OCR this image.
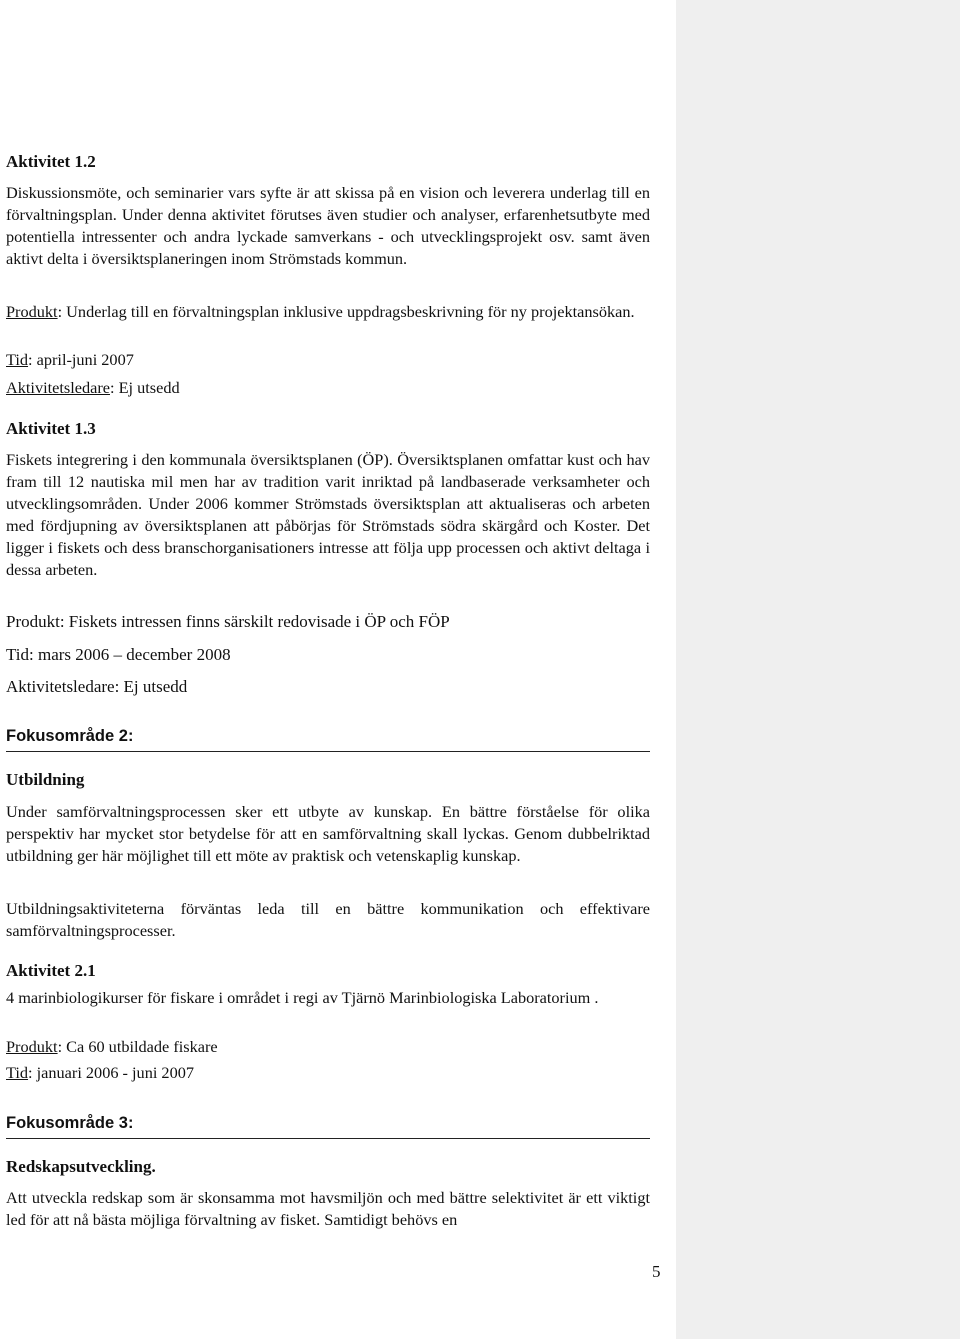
Aktivitet 1.2

Diskussionsmöte, och seminarier vars syfte är att skissa på en vision och leverera underlag till en förvaltningsplan. Under denna aktivitet förutses även studier och analyser, erfarenhetsutbyte med potentiella intressenter och andra lyckade samverkans - och utvecklingsprojekt osv. samt även aktivt delta i översiktsplaneringen inom Strömstads kommun.

Produkt: Underlag till en förvaltningsplan inklusive uppdragsbeskrivning för ny projektansökan.

Tid: april-juni 2007

Aktivitetsledare: Ej utsedd

Aktivitet 1.3

Fiskets integrering i den kommunala översiktsplanen (ÖP). Översiktsplanen omfattar kust och hav fram till 12 nautiska mil men har av tradition varit inriktad på landbaserade verksamheter och utvecklingsområden. Under 2006 kommer Strömstads översiktsplan att aktualiseras och arbeten med fördjupning av översiktsplanen att påbörjas för Strömstads södra skärgård och Koster. Det ligger i fiskets och dess branschorganisationers intresse att följa upp processen och aktivt deltaga i dessa arbeten.

Produkt: Fiskets intressen finns särskilt redovisade i ÖP och FÖP

Tid: mars 2006 – december 2008

Aktivitetsledare: Ej utsedd

Fokusområde 2:

Utbildning

Under samförvaltningsprocessen sker ett utbyte av kunskap. En bättre förståelse för olika perspektiv har mycket stor betydelse för att en samförvaltning skall lyckas. Genom dubbelriktad utbildning ger här möjlighet till ett möte av praktisk och vetenskaplig kunskap.

Utbildningsaktiviteterna förväntas leda till en bättre kommunikation och effektivare samförvaltningsprocesser.

Aktivitet 2.1

4 marinbiologikurser för fiskare i området i regi av Tjärnö Marinbiologiska Laboratorium .

Produkt: Ca 60 utbildade fiskare

Tid: januari 2006 - juni 2007

Fokusområde 3:

Redskapsutveckling.

Att utveckla redskap som är skonsamma mot havsmiljön och med bättre selektivitet är ett viktigt led för att nå bästa möjliga förvaltning av fisket. Samtidigt behövs en

5
